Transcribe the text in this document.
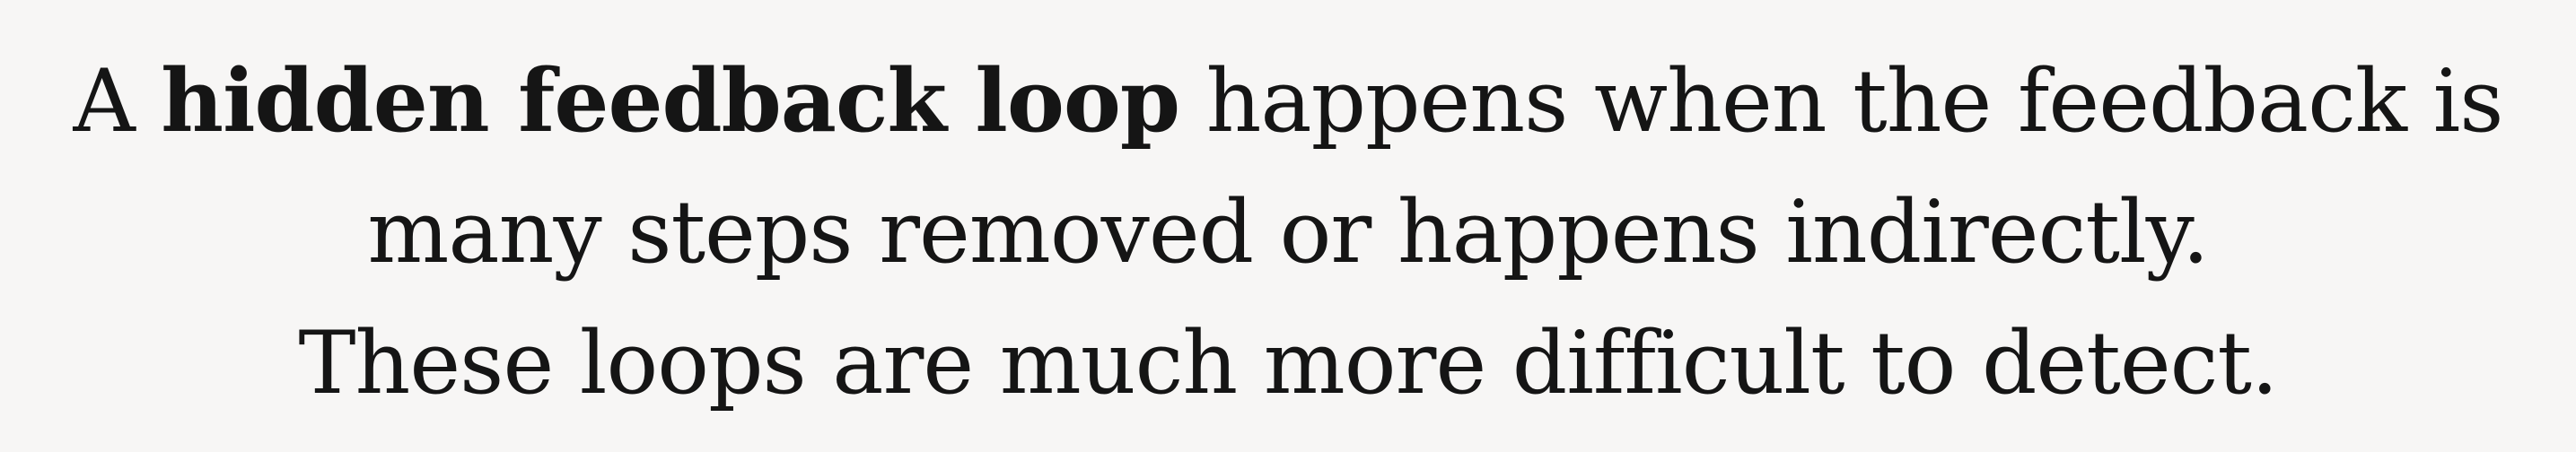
A hidden feedback loop happens when the feedback is
many steps removed or happens indirectly.
These loops are much more difficult to detect.
